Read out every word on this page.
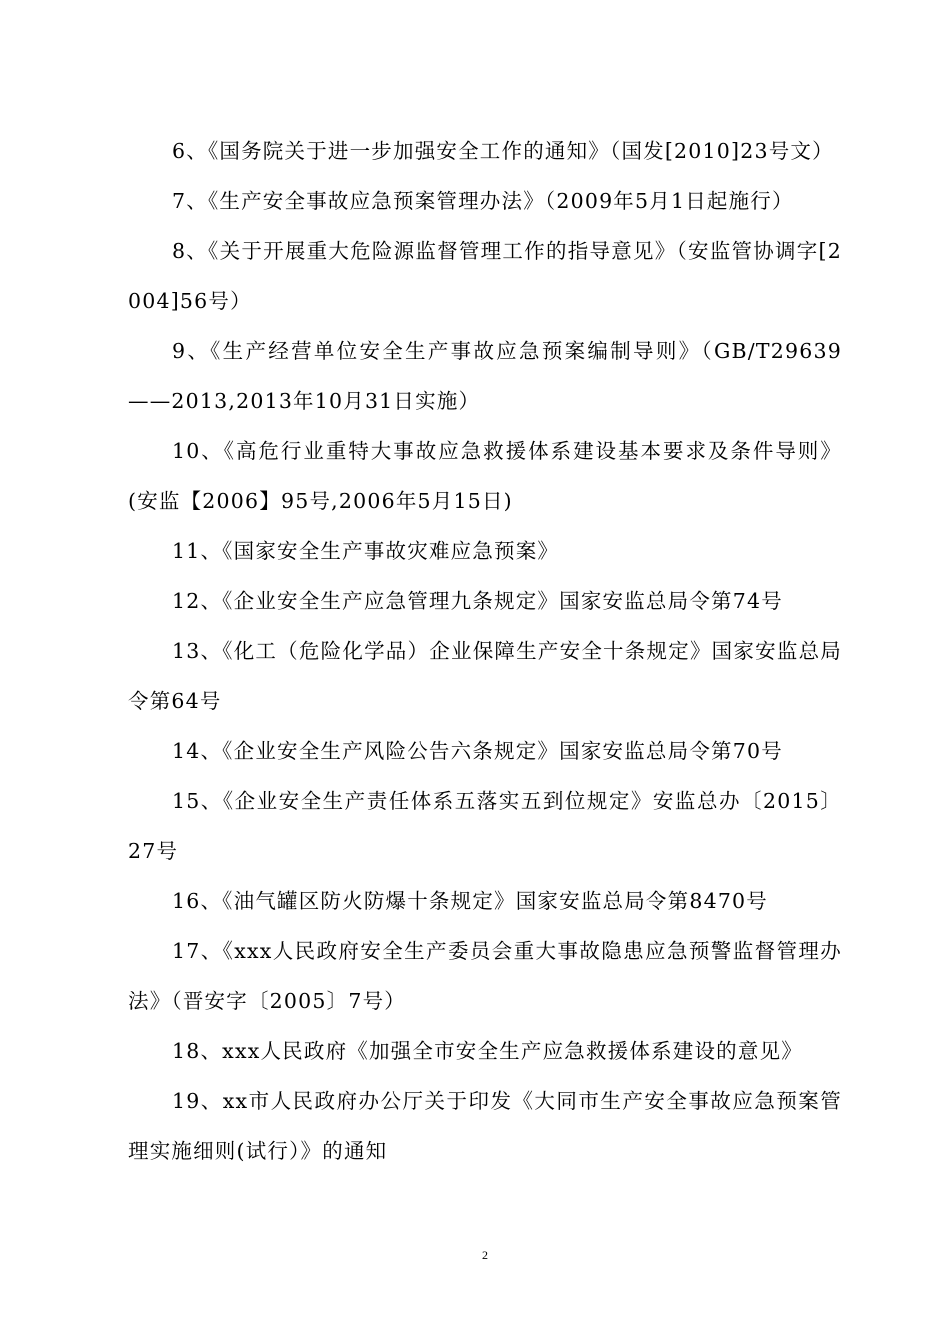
6、《国务院关于进一步加强安全工作的通知》（国发[2010]23号文）

7、《生产安全事故应急预案管理办法》（2009年5月1日起施行）

8、《关于开展重大危险源监督管理工作的指导意见》（安监管协调字[2004]56号）

9、《生产经营单位安全生产事故应急预案编制导则》（GB/T29639——2013,2013年10月31日实施）

10、《高危行业重特大事故应急救援体系建设基本要求及条件导则》(安监【2006】95号,2006年5月15日)

11、《国家安全生产事故灾难应急预案》

12、《企业安全生产应急管理九条规定》国家安监总局令第74号

13、《化工（危险化学品）企业保障生产安全十条规定》国家安监总局令第64号

14、《企业安全生产风险公告六条规定》国家安监总局令第70号

15、《企业安全生产责任体系五落实五到位规定》安监总办〔2015〕27号

16、《油气罐区防火防爆十条规定》国家安监总局令第8470号

17、《xxx人民政府安全生产委员会重大事故隐患应急预警监督管理办法》（晋安字〔2005〕7号）

18、xxx人民政府《加强全市安全生产应急救援体系建设的意见》

19、xx市人民政府办公厅关于印发《大同市生产安全事故应急预案管理实施细则(试行）》的通知

2
